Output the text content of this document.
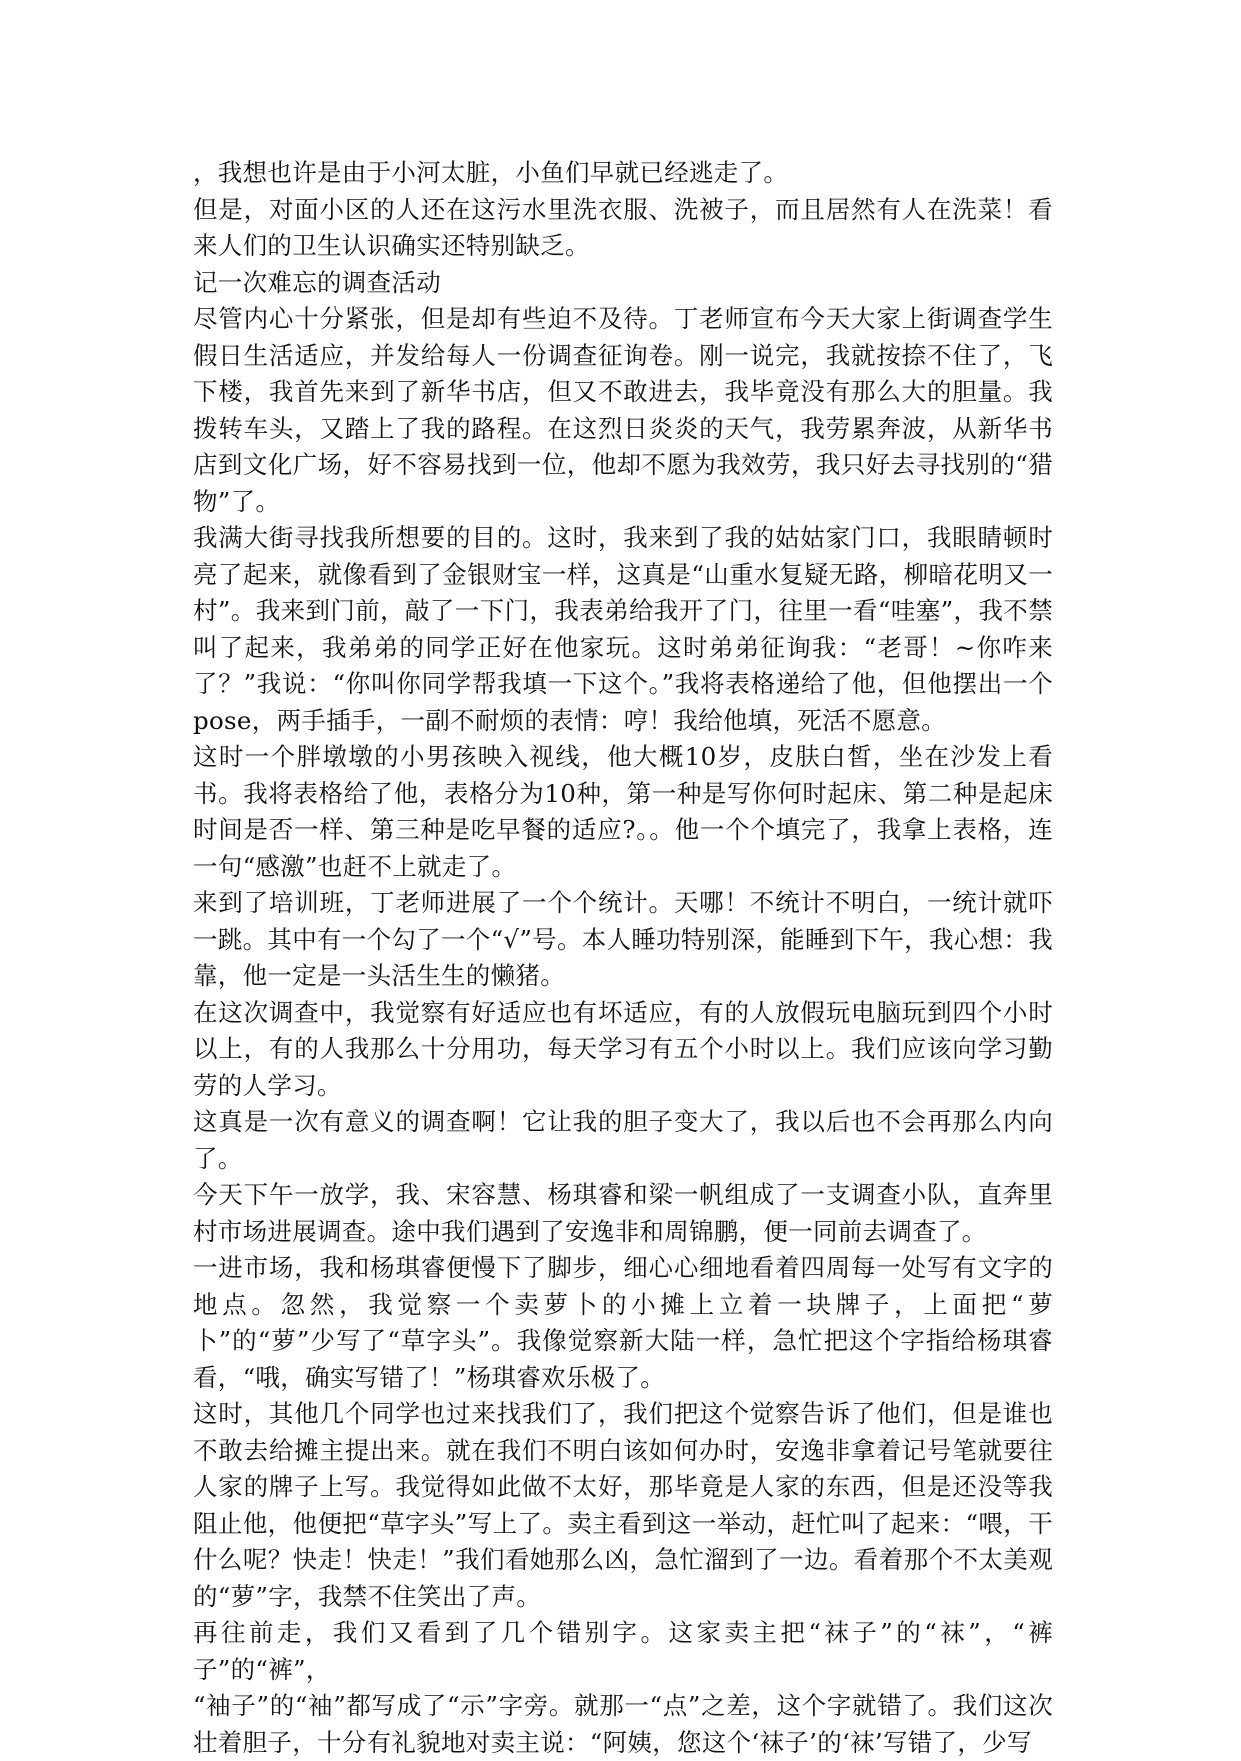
，我想也许是由于小河太脏，小鱼们早就已经逃走了。

但是，对面小区的人还在这污水里洗衣服、洗被子，而且居然有人在洗菜！看来人们的卫生认识确实还特别缺乏。

记一次难忘的调查活动

尽管内心十分紧张，但是却有些迫不及待。丁老师宣布今天大家上街调查学生假日生活适应，并发给每人一份调查征询卷。刚一说完，我就按捺不住了，飞下楼，我首先来到了新华书店，但又不敢进去，我毕竟没有那么大的胆量。我拨转车头，又踏上了我的路程。在这烈日炎炎的天气，我劳累奔波，从新华书店到文化广场，好不容易找到一位，他却不愿为我效劳，我只好去寻找别的“猎物”了。

我满大街寻找我所想要的目的。这时，我来到了我的姑姑家门口，我眼睛顿时亮了起来，就像看到了金银财宝一样，这真是“山重水复疑无路，柳暗花明又一村”。我来到门前，敲了一下门，我表弟给我开了门，往里一看“哇塞”，我不禁叫了起来，我弟弟的同学正好在他家玩。这时弟弟征询我：“老哥！~你咋来了？”我说：“你叫你同学帮我填一下这个。”我将表格递给了他，但他摆出一个pose，两手插手，一副不耐烦的表情：哼！我给他填，死活不愿意。

这时一个胖墩墩的小男孩映入视线，他大概10岁，皮肤白皙，坐在沙发上看书。我将表格给了他，表格分为10种，第一种是写你何时起床、第二种是起床时间是否一样、第三种是吃早餐的适应?。。他一个个填完了，我拿上表格，连一句“感激”也赶不上就走了。

来到了培训班，丁老师进展了一个个统计。天哪！不统计不明白，一统计就吓一跳。其中有一个勾了一个“√”号。本人睡功特别深，能睡到下午，我心想：我靠，他一定是一头活生生的懒猪。

在这次调查中，我觉察有好适应也有坏适应，有的人放假玩电脑玩到四个小时以上，有的人我那么十分用功，每天学习有五个小时以上。我们应该向学习勤劳的人学习。

这真是一次有意义的调查啊！它让我的胆子变大了，我以后也不会再那么内向了。

今天下午一放学，我、宋容慧、杨琪睿和梁一帆组成了一支调查小队，直奔里村市场进展调查。途中我们遇到了安逸非和周锦鹏，便一同前去调查了。

一进市场，我和杨琪睿便慢下了脚步，细心心细地看着四周每一处写有文字的地点。忽然，我觉察一个卖萝卜的小摊上立着一块牌子，上面把“萝卜”的“萝”少写了“草字头”。我像觉察新大陆一样，急忙把这个字指给杨琪睿看，“哦，确实写错了！”杨琪睿欢乐极了。

这时，其他几个同学也过来找我们了，我们把这个觉察告诉了他们，但是谁也不敢去给摊主提出来。就在我们不明白该如何办时，安逸非拿着记号笔就要往人家的牌子上写。我觉得如此做不太好，那毕竟是人家的东西，但是还没等我阻止他，他便把“草字头”写上了。卖主看到这一举动，赶忙叫了起来：“喂，干什么呢？快走！快走！”我们看她那么凶，急忙溜到了一边。看着那个不太美观的“萝”字，我禁不住笑出了声。

再往前走，我们又看到了几个错别字。这家卖主把“袜子”的“袜”，“裤子”的“裤”，

“袖子”的“袖”都写成了“示”字旁。就那一“点”之差，这个字就错了。我们这次壮着胆子，十分有礼貌地对卖主说：“阿姨，您这个‘袜子’的‘袜’写错了，少写
